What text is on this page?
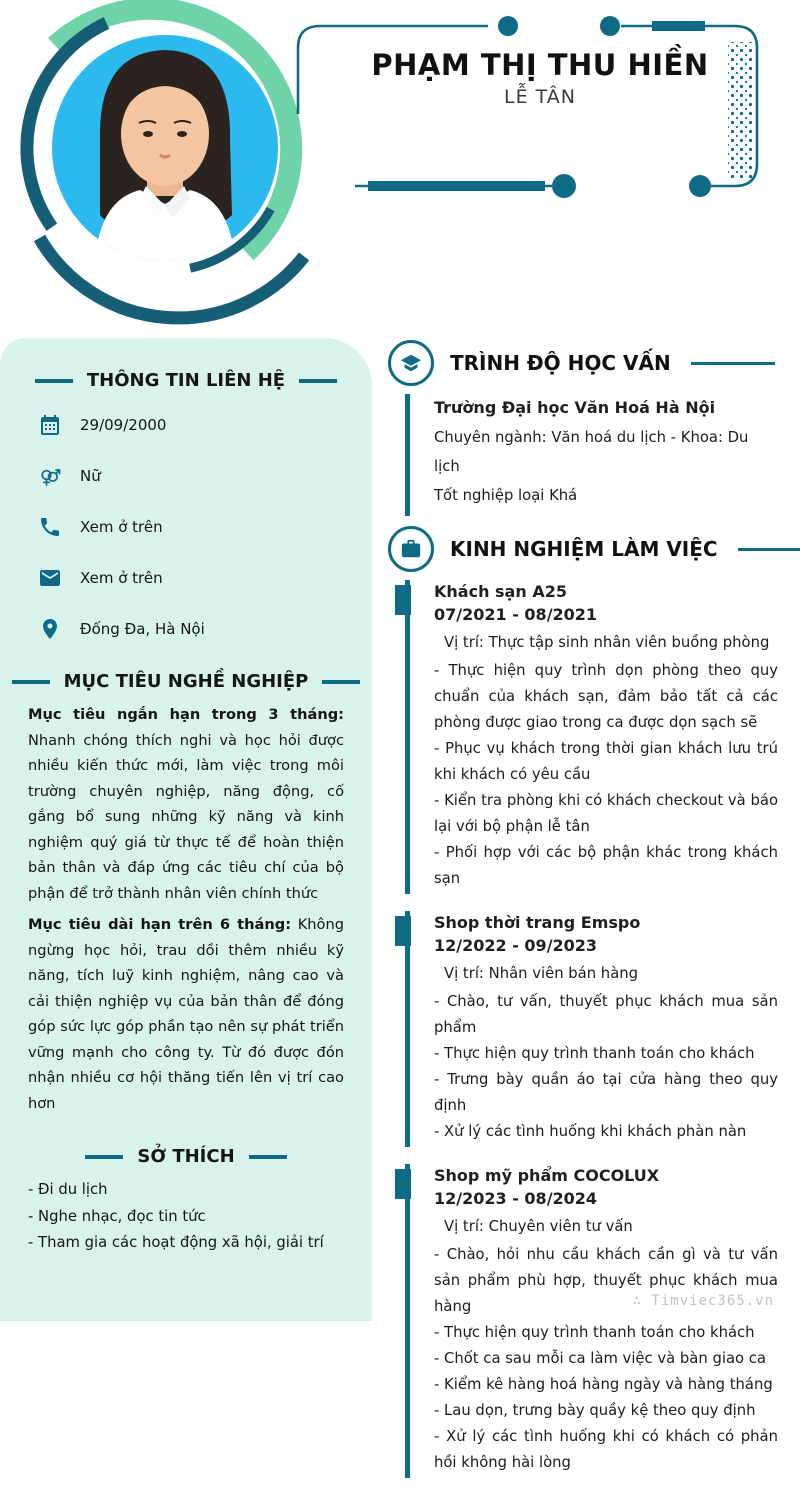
PHẠM THỊ THU HIỀN
LỄ TÂN
THÔNG TIN LIÊN HỆ
29/09/2000
Nữ
Xem ở trên
Xem ở trên
Đống Đa, Hà Nội
MỤC TIÊU NGHỀ NGHIỆP

Mục tiêu ngắn hạn trong 3 tháng: Nhanh chóng thích nghi và học hỏi được nhiều kiến thức mới, làm việc trong môi trường chuyên nghiệp, năng động, cố gắng bổ sung những kỹ năng và kinh nghiệm quý giá từ thực tế để hoàn thiện bản thân và đáp ứng các tiêu chí của bộ phận để trở thành nhân viên chính thức

Mục tiêu dài hạn trên 6 tháng: Không ngừng học hỏi, trau dồi thêm nhiều kỹ năng, tích luỹ kinh nghiệm, nâng cao và cải thiện nghiệp vụ của bản thân để đóng góp sức lực góp phần tạo nên sự phát triển vững mạnh cho công ty. Từ đó được đón nhận nhiều cơ hội thăng tiến lên vị trí cao hơn

SỞ THÍCH
- Đi du lịch
- Nghe nhạc, đọc tin tức
- Tham gia các hoạt động xã hội, giải trí
TRÌNH ĐỘ HỌC VẤN
Trường Đại học Văn Hoá Hà Nội
Chuyên ngành: Văn hoá du lịch - Khoa: Du lịch
Tốt nghiệp loại Khá
KINH NGHIỆM LÀM VIỆC
Khách sạn A25
07/2021 - 08/2021
Vị trí: Thực tập sinh nhân viên buồng phòng
- Thực hiện quy trình dọn phòng theo quy chuẩn của khách sạn, đảm bảo tất cả các phòng được giao trong ca được dọn sạch sẽ
- Phục vụ khách trong thời gian khách lưu trú khi khách có yêu cầu
- Kiển tra phòng khi có khách checkout và báo lại với bộ phận lễ tân
- Phối hợp với các bộ phận khác trong khách sạn
Shop thời trang Emspo
12/2022 - 09/2023
Vị trí: Nhân viên bán hàng
- Chào, tư vấn, thuyết phục khách mua sản phẩm
- Thực hiện quy trình thanh toán cho khách
- Trưng bày quần áo tại cửa hàng theo quy định
- Xử lý các tình huống khi khách phàn nàn
Shop mỹ phẩm COCOLUX
12/2023 - 08/2024
Vị trí: Chuyên viên tư vấn
- Chào, hỏi nhu cầu khách cần gì và tư vấn sản phẩm phù hợp, thuyết phục khách mua hàng
- Thực hiện quy trình thanh toán cho khách
- Chốt ca sau mỗi ca làm việc và bàn giao ca
- Kiểm kê hàng hoá hàng ngày và hàng tháng
- Lau dọn, trưng bày quầy kệ theo quy định
- Xử lý các tình huống khi có khách có phản hồi không hài lòng
∴ Timviec365.vn
